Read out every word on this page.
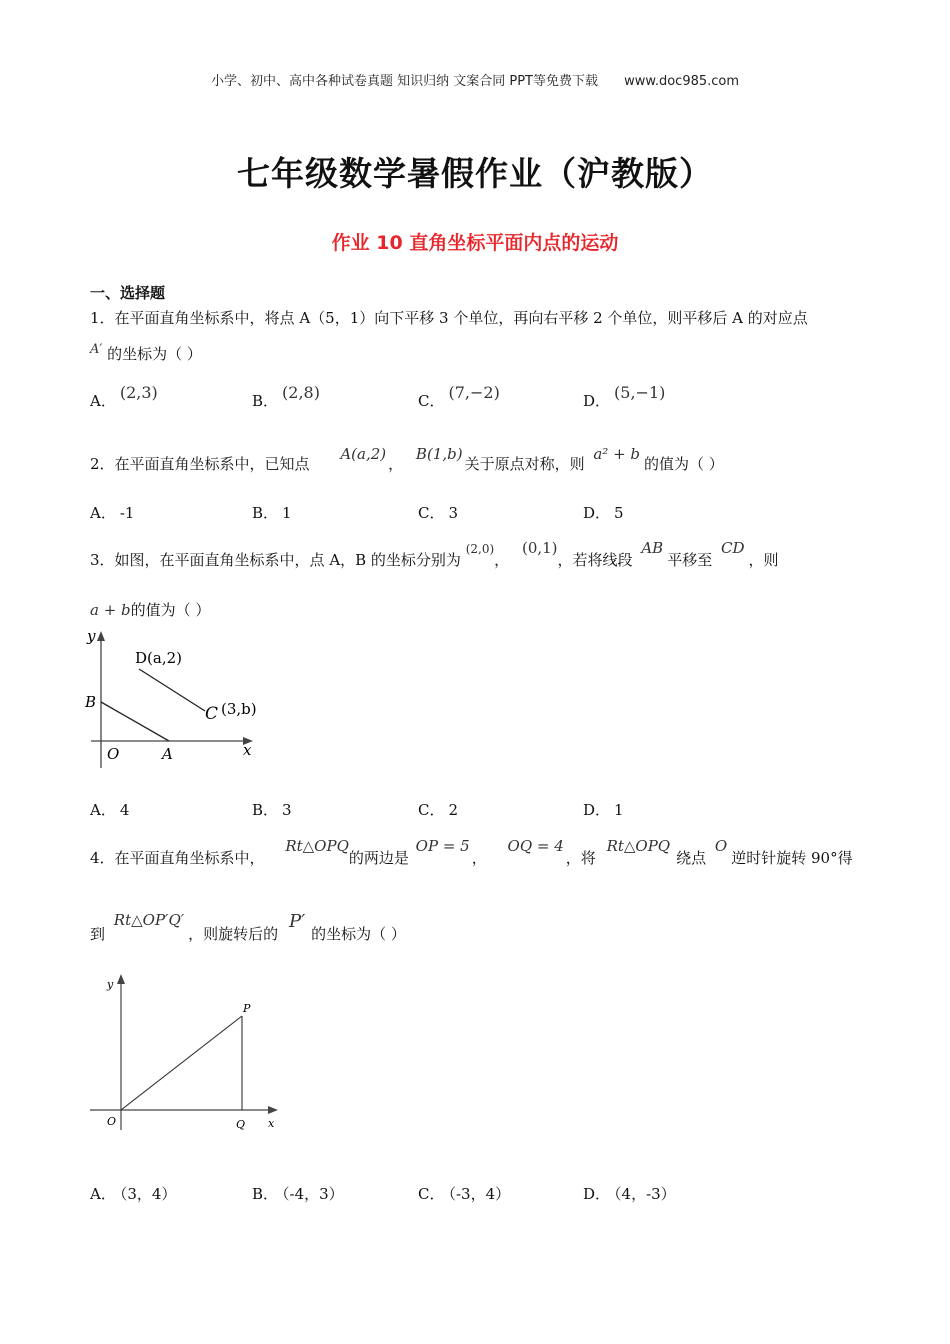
小学、初中、高中各种试卷真题 知识归纳 文案合同 PPT等免费下载 www.doc985.com
七年级数学暑假作业（沪教版）
作业 10 直角坐标平面内点的运动
一、选择题
1．在平面直角坐标系中，将点 A（5，1）向下平移 3 个单位，再向右平移 2 个单位，则平移后 A 的对应点
A′ 的坐标为（ ）
A． (2,3)	B． (2,8)	C． (7,−2)	D． (5,−1)
2．在平面直角坐标系中，已知点 A(a,2)， B(1,b)关于原点对称，则 a² + b的值为（ ）
A． -1	B． 1	C． 3	D． 5
3．如图，在平面直角坐标系中，点 A，B 的坐标分别为 $^{(2,0)}$， (0,1)，若将线段 AB平移至 CD，则
a + b的值为（ ）
y
x
B
O	A
D(a,2)
C (3,b)
A． 4	B． 3	C． 2	D． 1
4．在平面直角坐标系中， Rt△OPQ的两边是 OP = 5， OQ = 4，将 Rt△OPQ绕点 O逆时针旋转 90°得
到 Rt△OP′Q′，则旋转后的 P′的坐标为（ ）
y
x
O
P
Q
A． （3，4）	B． （-4，3）	C． （-3，4）	D． （4，-3）
